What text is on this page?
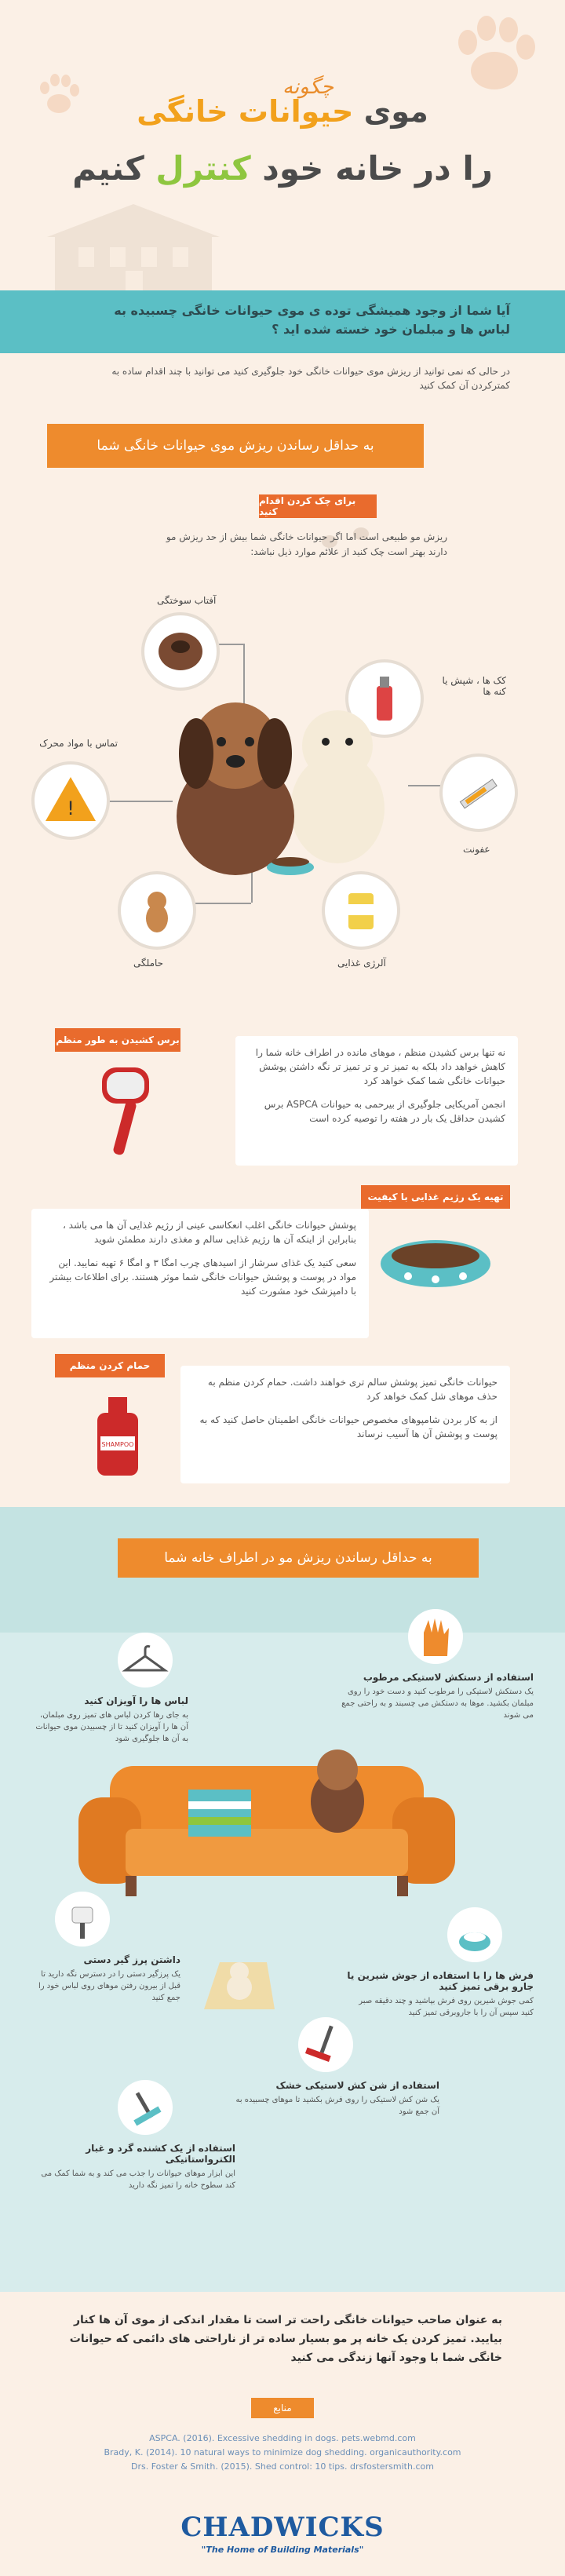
چگونه
موی حیوانات خانگی
را در خانه خود کنترل کنیم

آیا شما از وجود همیشگی توده ی موی حیوانات خانگی چسبیده به لباس ها و مبلمان خود خسته شده اید ؟

در حالی که نمی توانید از ریزش موی حیوانات خانگی خود جلوگیری کنید می توانید با چند اقدام ساده به کمترکردن آن کمک کنید

به حداقل رساندن ریزش موی حیوانات خانگی شما
برای چک کردن اقدام کنید

ریزش مو طبیعی است اما اگر حیوانات خانگی شما بیش از حد ریزش مو دارند بهتر است چک کنید از علائم موارد ذیل نباشد:

آفتاب سوختگی
کک ها ، شپش یا کنه ها
!
تماس با مواد محرک
عفونت
حاملگی	آلرژی غذایی
برس کشیدن به طور منظم

نه تنها برس کشیدن منظم ، موهای مانده در اطراف خانه شما را کاهش خواهد داد بلکه به تمیز تر و تر تمیز تر نگه داشتن پوشش حیوانات خانگی شما کمک خواهد کرد

انجمن آمریکایی جلوگیری از بیرحمی به حیوانات ASPCA برس کشیدن حداقل یک بار در هفته را توصیه کرده است

تهیه یک رژیم غذایی با کیفیت

پوشش حیوانات خانگی اغلب انعکاسی عینی از رژیم غذایی آن ها می باشد ، بنابراین از اینکه آن ها رژیم غذایی سالم و مغذی دارند مطمئن شوید

سعی کنید یک غذای سرشار از اسیدهای چرب امگا ۳ و امگا ۶ تهیه نمایید. این مواد در پوست و پوشش حیوانات خانگی شما موثر هستند. برای اطلاعات بیشتر با دامپزشک خود مشورت کنید

حمام کردن منظم
SHAMPOO

حیوانات خانگی تمیز پوشش سالم تری خواهند داشت. حمام کردن منظم به حذف موهای شل کمک خواهد کرد

از به کار بردن شامپوهای مخصوص حیوانات خانگی اطمینان حاصل کنید که به پوست و پوشش آن ها آسیب نرساند

به حداقل رساندن ریزش مو در اطراف خانه شما
استفاده از دستکش لاستیکی مرطوب
یک دستکش لاستیکی را مرطوب کنید و دست خود را روی مبلمان بکشید. موها به دستکش می چسبند و به راحتی جمع می شوند
لباس ها را آویزان کنید
به جای رها کردن لباس های تمیز روی مبلمان، آن ها را آویزان کنید تا از چسبیدن موی حیوانات به آن ها جلوگیری شود
داشتن پرز گیر دستی
یک پرزگیر دستی را در دسترس نگه دارید تا قبل از بیرون رفتن موهای روی لباس خود را جمع کنید
فرش ها را با استفاده از جوش شیرین یا جارو برقی تمیز کنید
کمی جوش شیرین روی فرش بپاشید و چند دقیقه صبر کنید سپس آن را با جاروبرقی تمیز کنید
استفاده از شن کش لاستیکی خشک
یک شن کش لاستیکی را روی فرش بکشید تا موهای چسبیده به آن جمع شود
استفاده از یک کشنده گرد و غبار الکترواستاتیکی
این ابزار موهای حیوانات را جذب می کند و به شما کمک می کند سطوح خانه را تمیز نگه دارید

به عنوان صاحب حیوانات خانگی راحت تر است تا مقدار اندکی از موی آن ها کنار بیایید. تمیز کردن یک خانه پر مو بسیار ساده تر از ناراحتی های دائمی که حیوانات خانگی شما با وجود آنها زندگی می کنید

منابع
ASPCA. (2016). Excessive shedding in dogs. pets.webmd.com
Brady, K. (2014). 10 natural ways to minimize dog shedding. organicauthority.com
Drs. Foster & Smith. (2015). Shed control: 10 tips. drsfostersmith.com
CHADWICKS
"The Home of Building Materials"
